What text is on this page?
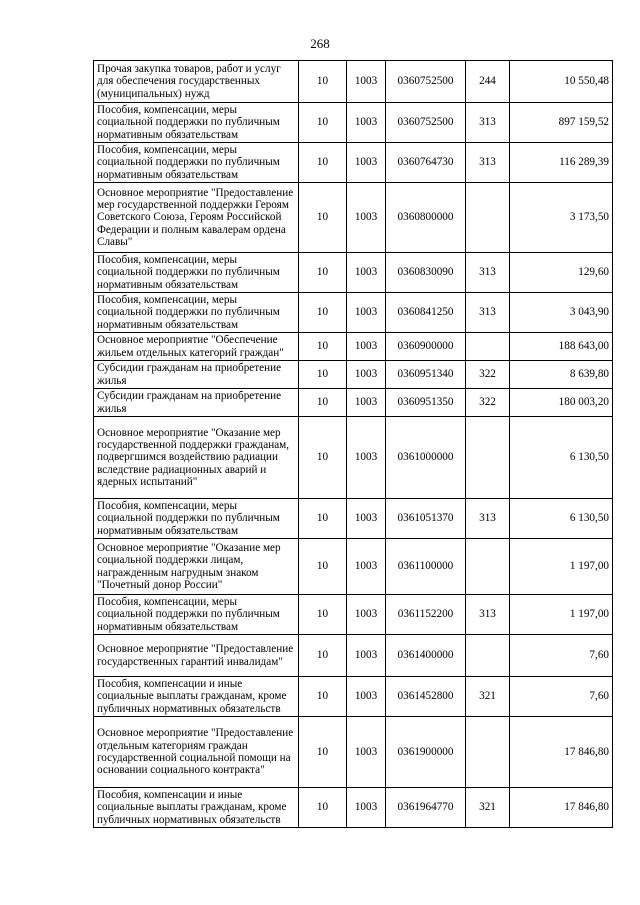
268
Прочая закупка товаров, работ и услуг для обеспечения государственных (муниципальных) нужд	10	1003	0360752500	244	10 550,48
Пособия, компенсации, меры социальной поддержки по публичным нормативным обязательствам	10	1003	0360752500	313	897 159,52
Пособия, компенсации, меры социальной поддержки по публичным нормативным обязательствам	10	1003	0360764730	313	116 289,39
Основное мероприятие "Предоставление мер государственной поддержки Героям Советского Союза, Героям Российской Федерации и полным кавалерам ордена Славы"	10	1003	0360800000		3 173,50
Пособия, компенсации, меры социальной поддержки по публичным нормативным обязательствам	10	1003	0360830090	313	129,60
Пособия, компенсации, меры социальной поддержки по публичным нормативным обязательствам	10	1003	0360841250	313	3 043,90
Основное мероприятие "Обеспечение жильем отдельных категорий граждан"	10	1003	0360900000		188 643,00
Субсидии гражданам на приобретение жилья	10	1003	0360951340	322	8 639,80
Субсидии гражданам на приобретение жилья	10	1003	0360951350	322	180 003,20
Основное мероприятие "Оказание мер государственной поддержки гражданам, подвергшимся воздействию радиации вследствие радиационных аварий и ядерных испытаний"	10	1003	0361000000		6 130,50
Пособия, компенсации, меры социальной поддержки по публичным нормативным обязательствам	10	1003	0361051370	313	6 130,50
Основное мероприятие "Оказание мер социальной поддержки лицам, награжденным нагрудным знаком "Почетный донор России"	10	1003	0361100000		1 197,00
Пособия, компенсации, меры социальной поддержки по публичным нормативным обязательствам	10	1003	0361152200	313	1 197,00
Основное мероприятие "Предоставление государственных гарантий инвалидам"	10	1003	0361400000		7,60
Пособия, компенсации и иные социальные выплаты гражданам, кроме публичных нормативных обязательств	10	1003	0361452800	321	7,60
Основное мероприятие "Предоставление отдельным категориям граждан государственной социальной помощи на основании социального контракта"	10	1003	0361900000		17 846,80
Пособия, компенсации и иные социальные выплаты гражданам, кроме публичных нормативных обязательств	10	1003	0361964770	321	17 846,80
